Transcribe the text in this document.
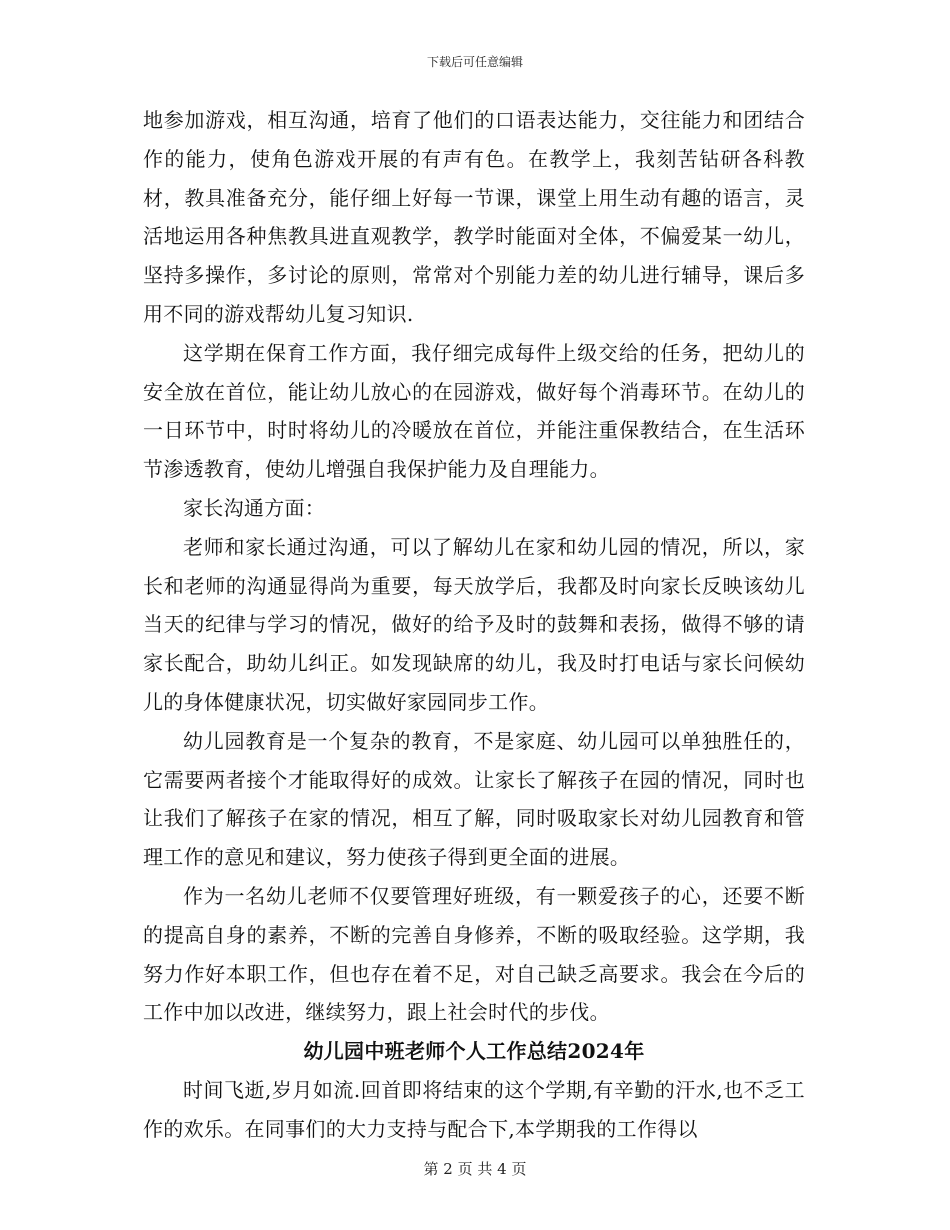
下载后可任意编辑

地参加游戏，相互沟通，培育了他们的口语表达能力，交往能力和团结合作的能力，使角色游戏开展的有声有色。在教学上，我刻苦钻研各科教材，教具准备充分，能仔细上好每一节课，课堂上用生动有趣的语言，灵活地运用各种焦教具进直观教学，教学时能面对全体，不偏爱某一幼儿，坚持多操作，多讨论的原则，常常对个别能力差的幼儿进行辅导，课后多用不同的游戏帮幼儿复习知识.

这学期在保育工作方面，我仔细完成每件上级交给的任务，把幼儿的安全放在首位，能让幼儿放心的在园游戏，做好每个消毒环节。在幼儿的一日环节中，时时将幼儿的冷暖放在首位，并能注重保教结合，在生活环节渗透教育，使幼儿增强自我保护能力及自理能力。

家长沟通方面：

老师和家长通过沟通，可以了解幼儿在家和幼儿园的情况，所以，家长和老师的沟通显得尚为重要，每天放学后，我都及时向家长反映该幼儿当天的纪律与学习的情况，做好的给予及时的鼓舞和表扬，做得不够的请家长配合，助幼儿纠正。如发现缺席的幼儿，我及时打电话与家长问候幼儿的身体健康状况，切实做好家园同步工作。

幼儿园教育是一个复杂的教育，不是家庭、幼儿园可以单独胜任的，它需要两者接个才能取得好的成效。让家长了解孩子在园的情况，同时也让我们了解孩子在家的情况，相互了解，同时吸取家长对幼儿园教育和管理工作的意见和建议，努力使孩子得到更全面的进展。

作为一名幼儿老师不仅要管理好班级，有一颗爱孩子的心，还要不断的提高自身的素养，不断的完善自身修养，不断的吸取经验。这学期，我努力作好本职工作，但也存在着不足，对自己缺乏高要求。我会在今后的工作中加以改进，继续努力，跟上社会时代的步伐。

幼儿园中班老师个人工作总结2024年

时间飞逝,岁月如流.回首即将结束的这个学期,有辛勤的汗水,也不乏工作的欢乐。在同事们的大力支持与配合下,本学期我的工作得以

第 2 页 共 4 页
